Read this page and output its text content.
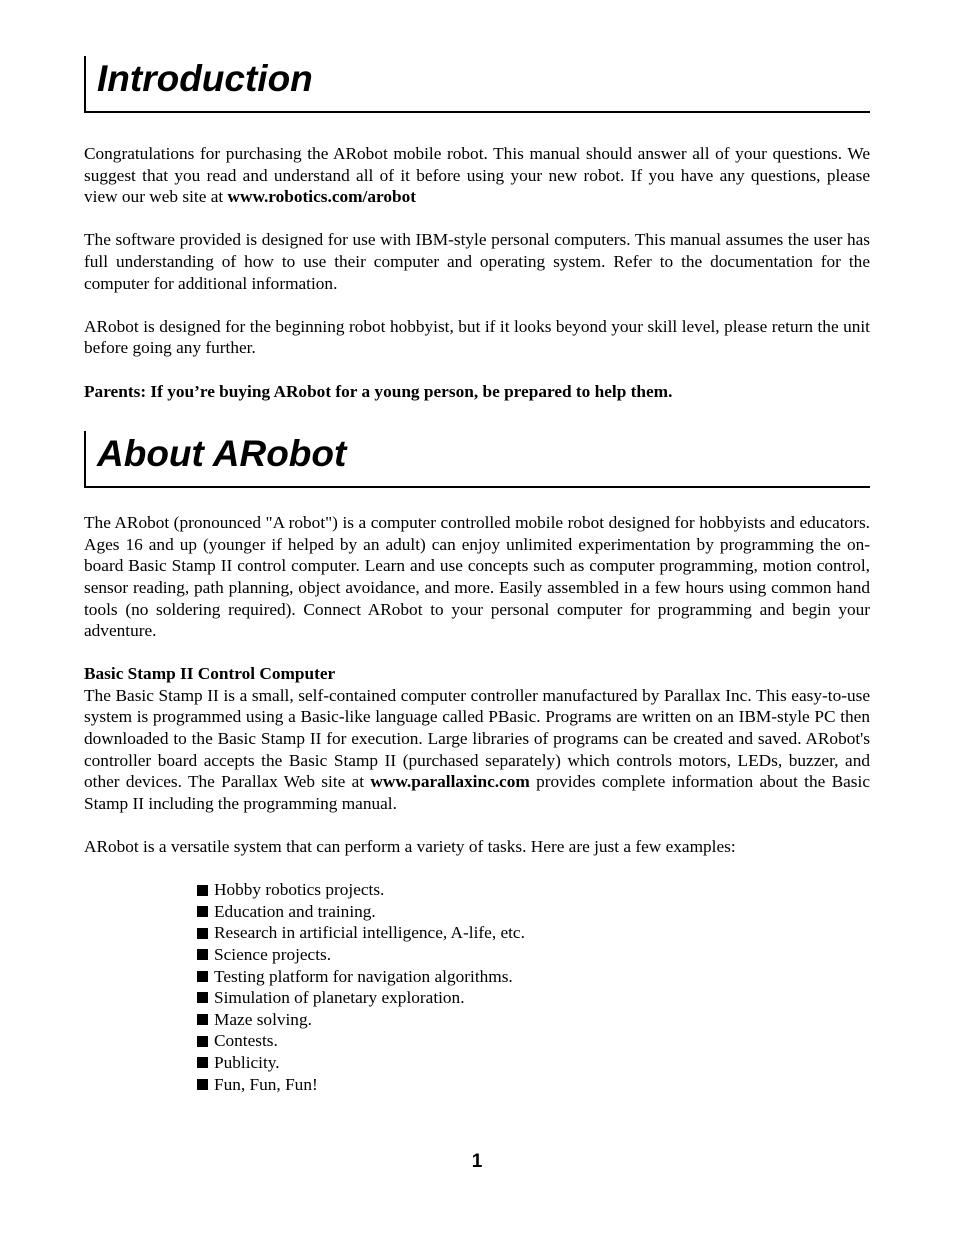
Introduction

Congratulations for purchasing the ARobot mobile robot. This manual should answer all of your questions. We suggest that you read and understand all of it before using your new robot. If you have any questions, please view our web site at www.robotics.com/arobot

The software provided is designed for use with IBM-style personal computers. This manual assumes the user has full understanding of how to use their computer and operating system. Refer to the documentation for the computer for additional information.

ARobot is designed for the beginning robot hobbyist, but if it looks beyond your skill level, please return the unit before going any further.

Parents: If you’re buying ARobot for a young person, be prepared to help them.

About ARobot

The ARobot (pronounced "A robot") is a computer controlled mobile robot designed for hobbyists and educators. Ages 16 and up (younger if helped by an adult) can enjoy unlimited experimentation by programming the on-board Basic Stamp II control computer. Learn and use concepts such as computer programming, motion control, sensor reading, path planning, object avoidance, and more. Easily assembled in a few hours using common hand tools (no soldering required). Connect ARobot to your personal computer for programming and begin your adventure.

Basic Stamp II Control Computer

The Basic Stamp II is a small, self-contained computer controller manufactured by Parallax Inc. This easy-to-use system is programmed using a Basic-like language called PBasic. Programs are written on an IBM-style PC then downloaded to the Basic Stamp II for execution. Large libraries of programs can be created and saved. ARobot's controller board accepts the Basic Stamp II (purchased separately) which controls motors, LEDs, buzzer, and other devices. The Parallax Web site at www.parallaxinc.com provides complete information about the Basic Stamp II including the programming manual.

ARobot is a versatile system that can perform a variety of tasks. Here are just a few examples:

Hobby robotics projects.
Education and training.
Research in artificial intelligence, A-life, etc.
Science projects.
Testing platform for navigation algorithms.
Simulation of planetary exploration.
Maze solving.
Contests.
Publicity.
Fun, Fun, Fun!
1
